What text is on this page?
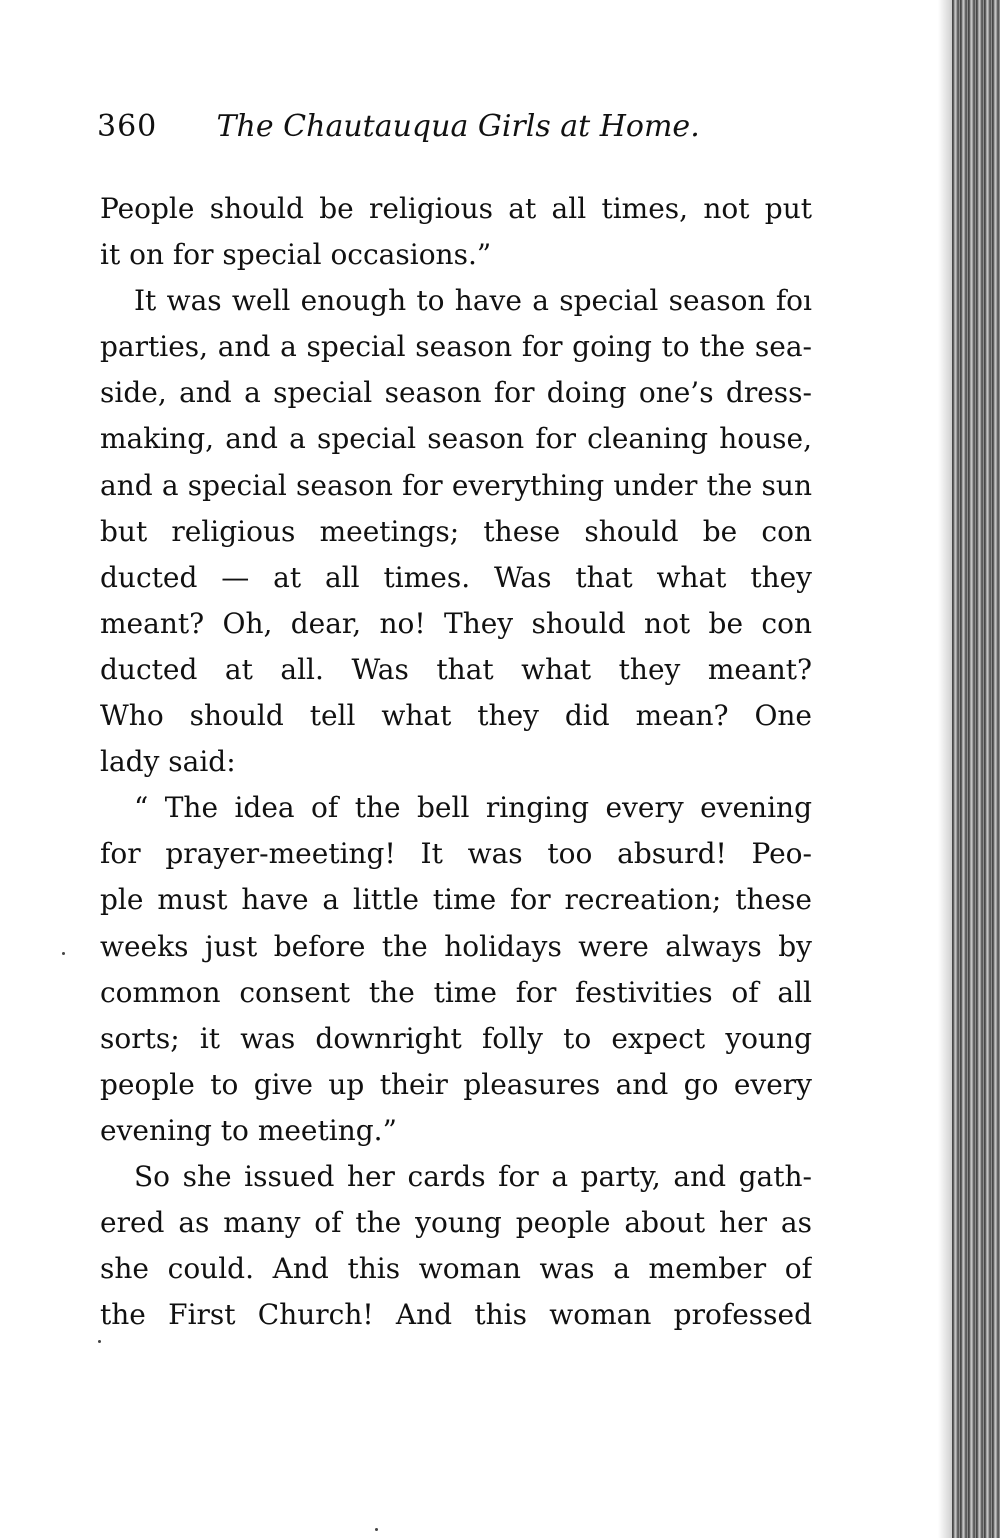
360 The Chautauqua Girls at Home.
People should be religious at all times, not put
it on for special occasions.”
It was well enough to have a special season foı
parties, and a special season for going to the sea-
side, and a special season for doing one’s dress-
making, and a special season for cleaning house,
and a special season for everything under the sun
but religious meetings; these should be con
ducted — at all times. Was that what they
meant? Oh, dear, no! They should not be con
ducted at all. Was that what they meant?
Who should tell what they did mean? One
lady said:
“ The idea of the bell ringing every evening
for prayer-meeting! It was too absurd! Peo-
ple must have a little time for recreation; these
weeks just before the holidays were always by
common consent the time for festivities of all
sorts; it was downright folly to expect young
people to give up their pleasures and go every
evening to meeting.”
So she issued her cards for a party, and gath-
ered as many of the young people about her as
she could. And this woman was a member of
the First Church! And this woman professed
